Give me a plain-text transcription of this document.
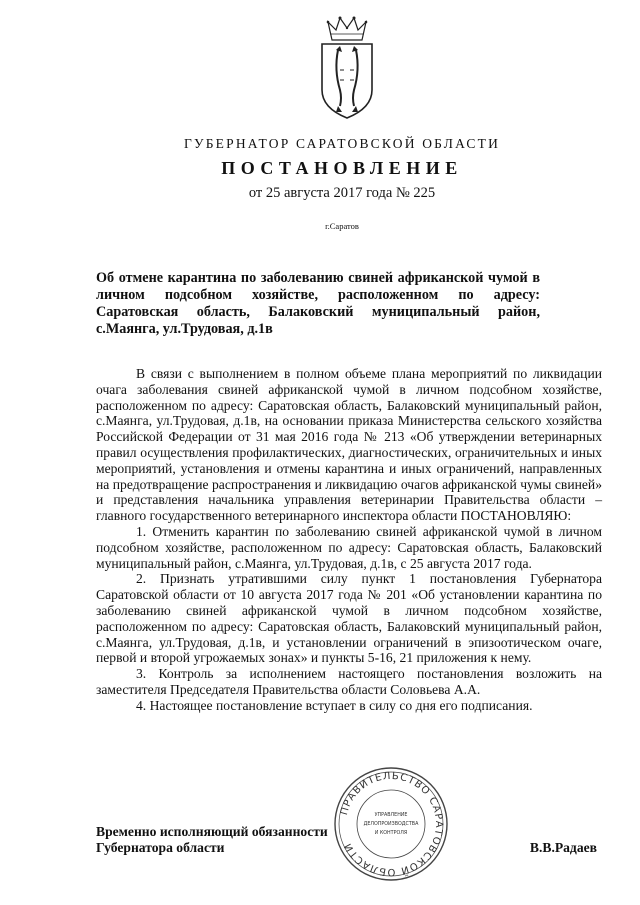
ГУБЕРНАТОР САРАТОВСКОЙ ОБЛАСТИ
ПОСТАНОВЛЕНИЕ
от 25 августа 2017 года № 225
г.Саратов
Об отмене карантина по заболеванию свиней африканской чумой в личном подсобном хозяйстве, расположенном по адресу: Саратовская область, Балаковский муниципальный район, с.Маянга, ул.Трудовая, д.1в

В связи с выполнением в полном объеме плана мероприятий по ликвидации очага заболевания свиней африканской чумой в личном подсобном хозяйстве, расположенном по адресу: Саратовская область, Балаковский муниципальный район, с.Маянга, ул.Трудовая, д.1в, на основании приказа Министерства сельского хозяйства Российской Федерации от 31 мая 2016 года № 213 «Об утверждении ветеринарных правил осуществления профилактических, диагностических, ограничительных и иных мероприятий, установления и отмены карантина и иных ограничений, направленных на предотвращение распространения и ликвидацию очагов африканской чумы свиней» и представления начальника управления ветеринарии Правительства области – главного государственного ветеринарного инспектора области ПОСТАНОВЛЯЮ:

1. Отменить карантин по заболеванию свиней африканской чумой в личном подсобном хозяйстве, расположенном по адресу: Саратовская область, Балаковский муниципальный район, с.Маянга, ул.Трудовая, д.1в, с 25 августа 2017 года.

2. Признать утратившими силу пункт 1 постановления Губернатора Саратовской области от 10 августа 2017 года № 201 «Об установлении карантина по заболеванию свиней африканской чумой в личном подсобном хозяйстве, расположенном по адресу: Саратовская область, Балаковский муниципальный район, с.Маянга, ул.Трудовая, д.1в, и установлении ограничений в эпизоотическом очаге, первой и второй угрожаемых зонах» и пункты 5-16, 21 приложения к нему.

3. Контроль за исполнением настоящего постановления возложить на заместителя Председателя Правительства области Соловьева А.А.

4. Настоящее постановление вступает в силу со дня его подписания.

ПРАВИТЕЛЬСТВО САРАТОВСКОЙ ОБЛАСТИ
УПРАВЛЕНИЕ
ДЕЛОПРОИЗВОДСТВА
И КОНТРОЛЯ
Временно исполняющий обязанности
Губернатора области	В.В.Радаев
